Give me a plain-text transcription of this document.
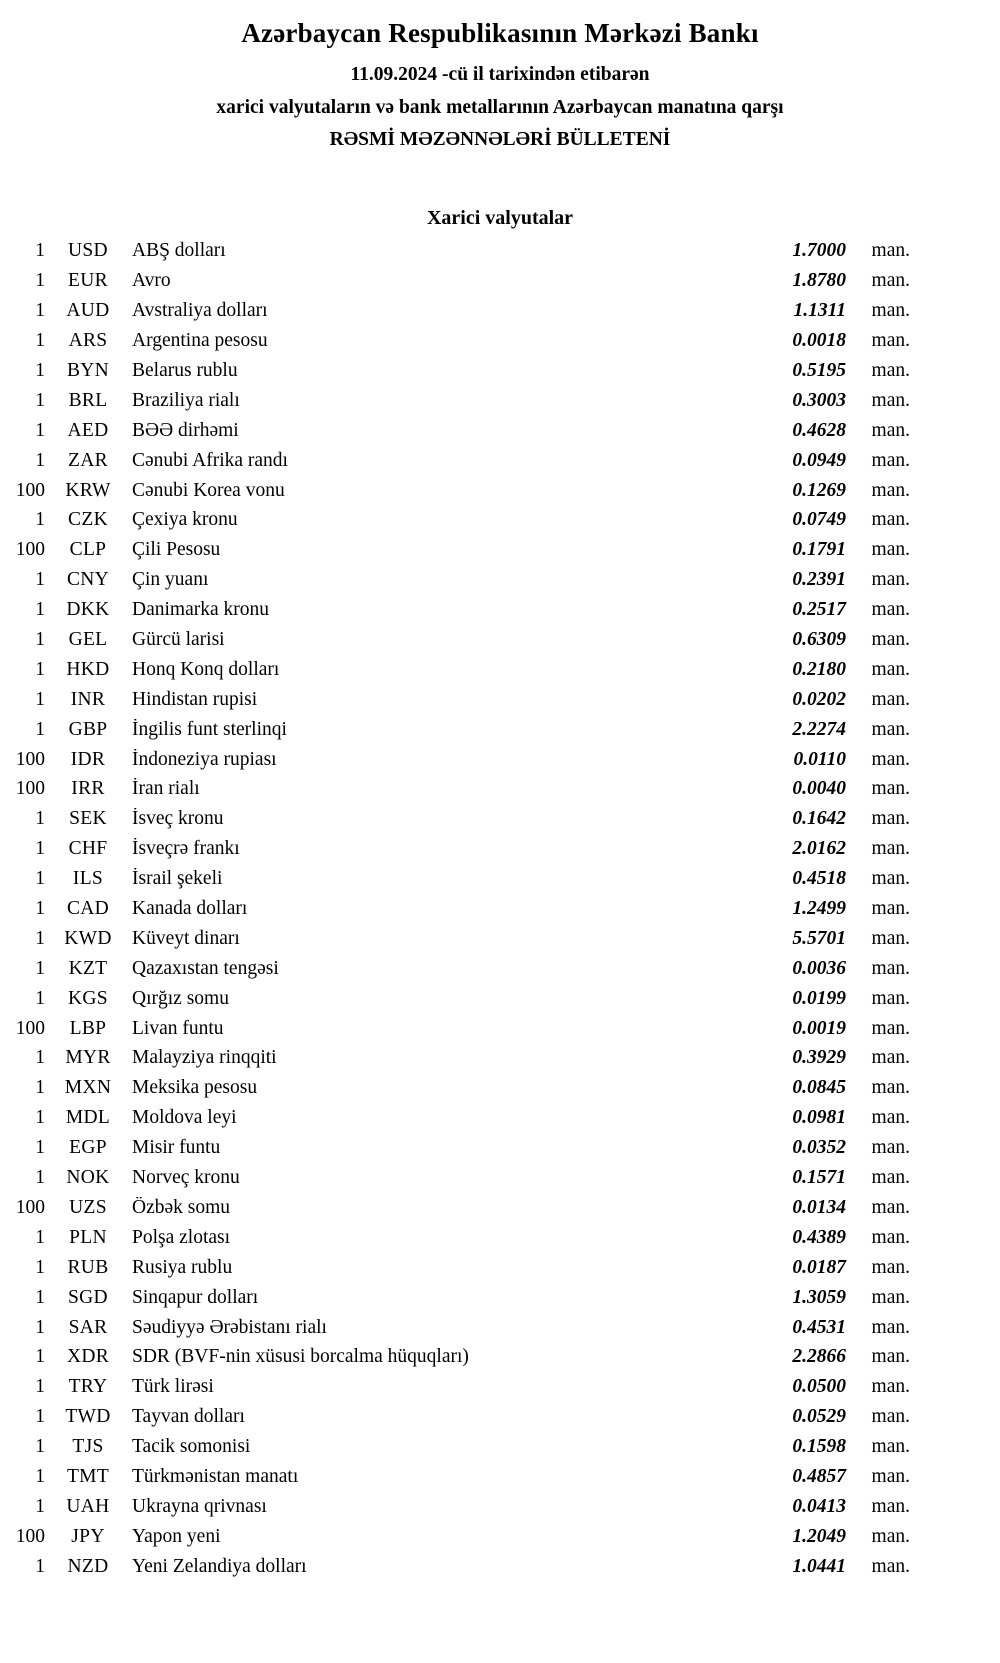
Azərbaycan Respublikasının Mərkəzi Bankı
11.09.2024 -cü il tarixindən etibarən
xarici valyutaların və bank metallarının Azərbaycan manatına qarşı
RƏSMİ MƏZƏNNƏLƏRİ BÜLLETENİ
Xarici valyutalar
1	USD	ABŞ dolları	1.7000	man.
1	EUR	Avro	1.8780	man.
1	AUD	Avstraliya dolları	1.1311	man.
1	ARS	Argentina pesosu	0.0018	man.
1	BYN	Belarus rublu	0.5195	man.
1	BRL	Braziliya rialı	0.3003	man.
1	AED	BƏƏ dirhəmi	0.4628	man.
1	ZAR	Cənubi Afrika randı	0.0949	man.
100	KRW	Cənubi Korea vonu	0.1269	man.
1	CZK	Çexiya kronu	0.0749	man.
100	CLP	Çili Pesosu	0.1791	man.
1	CNY	Çin yuanı	0.2391	man.
1	DKK	Danimarka kronu	0.2517	man.
1	GEL	Gürcü larisi	0.6309	man.
1	HKD	Honq Konq dolları	0.2180	man.
1	INR	Hindistan rupisi	0.0202	man.
1	GBP	İngilis funt sterlinqi	2.2274	man.
100	IDR	İndoneziya rupiası	0.0110	man.
100	IRR	İran rialı	0.0040	man.
1	SEK	İsveç kronu	0.1642	man.
1	CHF	İsveçrə frankı	2.0162	man.
1	ILS	İsrail şekeli	0.4518	man.
1	CAD	Kanada dolları	1.2499	man.
1 KWD	Küveyt dinarı	5.5701	man.
1	KZT	Qazaxıstan tengəsi	0.0036	man.
1	KGS	Qırğız somu	0.0199	man.
100	LBP	Livan funtu	0.0019	man.
1	MYR	Malayziya rinqqiti	0.3929	man.
1	MXN	Meksika pesosu	0.0845	man.
1	MDL	Moldova leyi	0.0981	man.
1	EGP	Misir funtu	0.0352	man.
1	NOK	Norveç kronu	0.1571	man.
100	UZS	Özbək somu	0.0134	man.
1	PLN	Polşa zlotası	0.4389	man.
1	RUB	Rusiya rublu	0.0187	man.
1	SGD	Sinqapur dolları	1.3059	man.
1	SAR	Səudiyyə Ərəbistanı rialı	0.4531	man.
1	XDR	SDR (BVF-nin xüsusi borcalma hüquqları)	2.2866	man.
1	TRY	Türk lirəsi	0.0500	man.
1	TWD	Tayvan dolları	0.0529	man.
1	TJS	Tacik somonisi	0.1598	man.
1	TMT	Türkmənistan manatı	0.4857	man.
1	UAH	Ukrayna qrivnası	0.0413	man.
100	JPY	Yapon yeni	1.2049	man.
1	NZD	Yeni Zelandiya dolları	1.0441	man.
